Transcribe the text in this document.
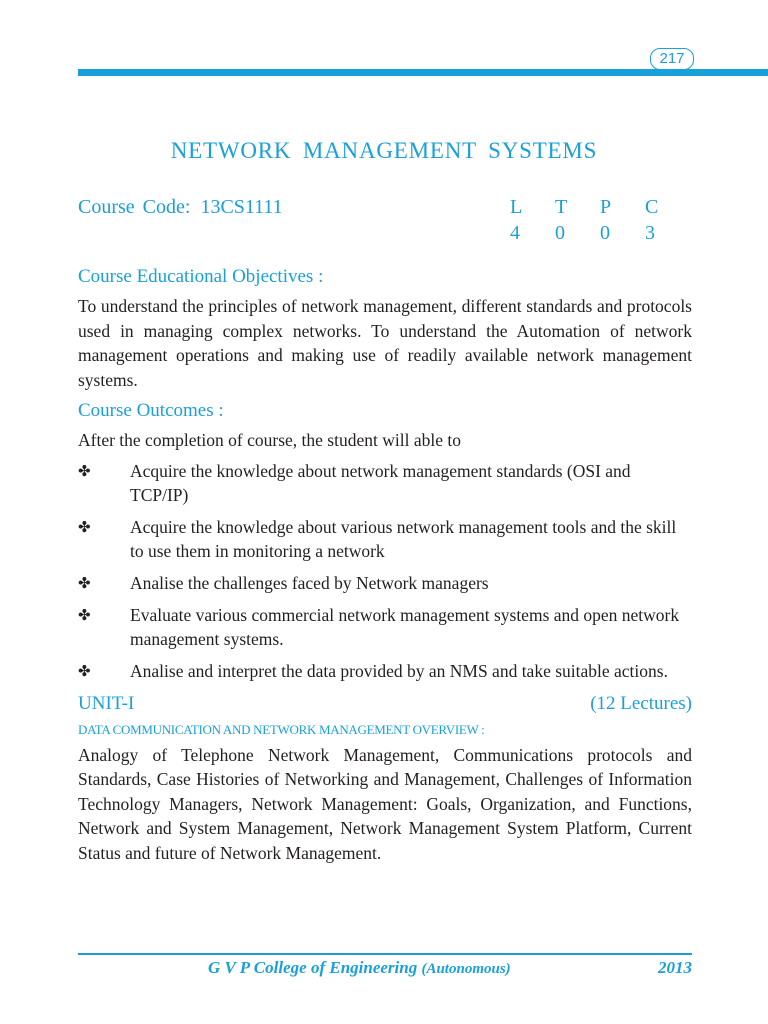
217
NETWORK MANAGEMENT SYSTEMS
Course Code: 13CS1111	L T P C
4 0 0 3
Course Educational Objectives :

To understand the principles of network management, different standards and protocols used in managing complex networks. To understand the Automation of network management operations and making use of readily available network management systems.

Course Outcomes :

After the completion of course, the student will able to

✤ Acquire the knowledge about network management standards (OSI and TCP/IP)
✤ Acquire the knowledge about various network management tools and the skill to use them in monitoring a network
✤ Analise the challenges faced by Network managers
✤ Evaluate various commercial network management systems and open network management systems.
✤ Analise and interpret the data provided by an NMS and take suitable actions.
UNIT-I	(12 Lectures)
DATA COMMUNICATION AND NETWORK MANAGEMENT OVERVIEW :

Analogy of Telephone Network Management, Communications protocols and Standards, Case Histories of Networking and Management, Challenges of Information Technology Managers, Network Management: Goals, Organization, and Functions, Network and System Management, Network Management System Platform, Current Status and future of Network Management.

G V P College of Engineering (Autonomous)	2013
